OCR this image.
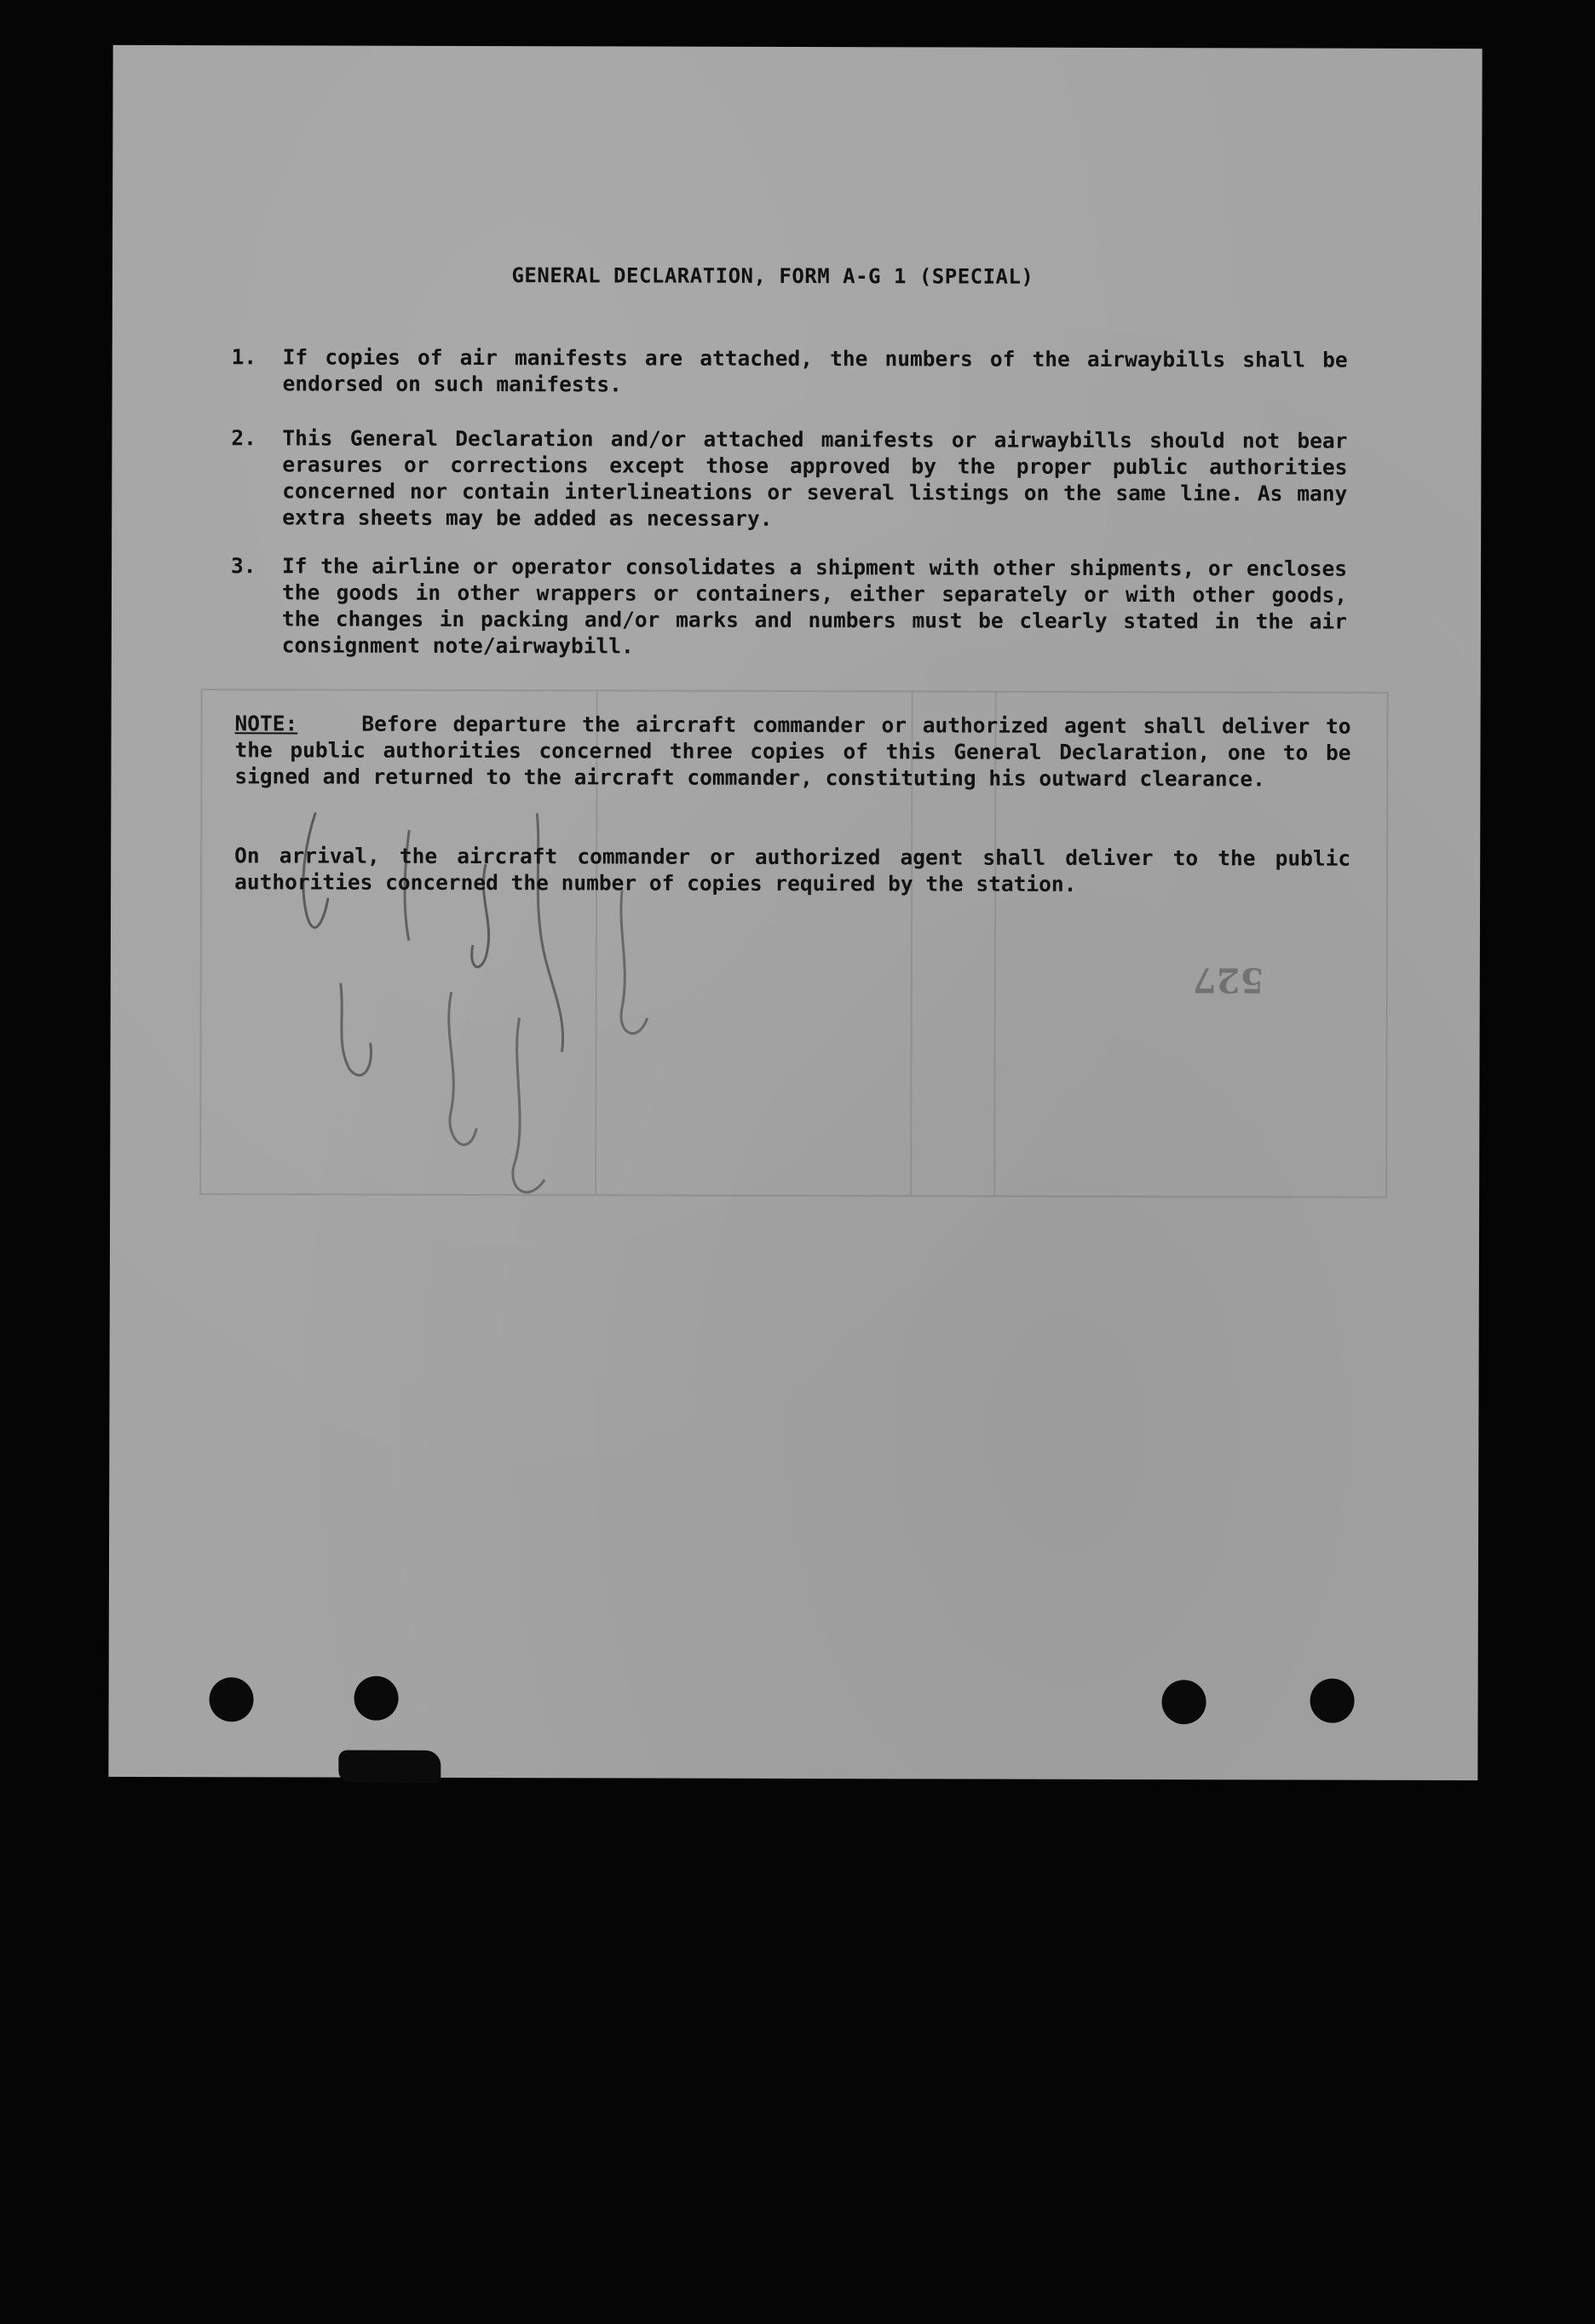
GENERAL DECLARATION, FORM A-G 1 (SPECIAL)
1.	If copies of air manifests are attached, the numbers of the airwaybills shall be endorsed on such manifests.
2.	This General Declaration and/or attached manifests or airwaybills should not bear erasures or corrections except those approved by the proper public authorities concerned nor contain interlineations or several listings on the same line. As many extra sheets may be added as necessary.
3.	If the airline or operator consolidates a shipment with other shipments, or encloses the goods in other wrappers or containers, either separately or with other goods, the changes in packing and/or marks and numbers must be clearly stated in the air consignment note/airwaybill.
NOTE:	Before departure the aircraft commander or authorized agent shall deliver to the public authorities concerned three copies of this General Declaration, one to be signed and returned to the aircraft commander, constituting his outward clearance.
On arrival, the aircraft commander or authorized agent shall deliver to the public authorities concerned the number of copies required by the station.
527
